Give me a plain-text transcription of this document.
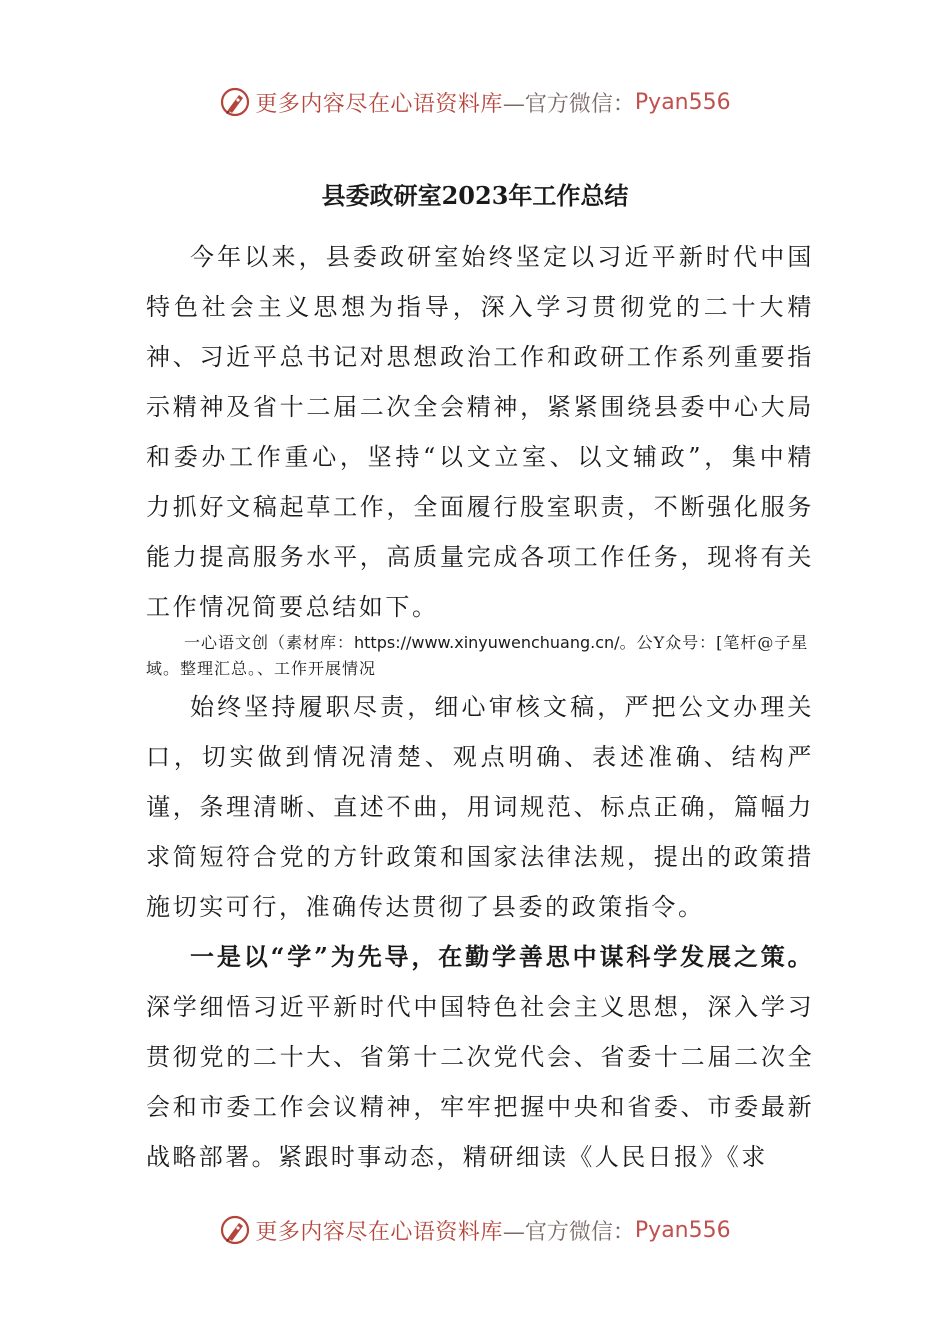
更多内容尽在心语资料库 —官方微信： Pyan556
县委政研室2023年工作总结

今年以来，县委政研室始终坚定以习近平新时代中国特色社会主义思想为指导，深入学习贯彻党的二十大精神、习近平总书记对思想政治工作和政研工作系列重要指示精神及省十二届二次全会精神，紧紧围绕县委中心大局和委办工作重心，坚持“以文立室、以文辅政”，集中精力抓好文稿起草工作，全面履行股室职责，不断强化服务能力提高服务水平，高质量完成各项工作任务，现将有关工作情况简要总结如下。

一心语文创（素材库：https://www.xinyuwenchuang.cn/。公Y众号：[笔杆@子星域。整理汇总。、工作开展情况

始终坚持履职尽责，细心审核文稿，严把公文办理关口，切实做到情况清楚、观点明确、表述准确、结构严谨，条理清晰、直述不曲，用词规范、标点正确，篇幅力求简短符合党的方针政策和国家法律法规，提出的政策措施切实可行，准确传达贯彻了县委的政策指令。

一是以“学”为先导，在勤学善思中谋科学发展之策。深学细悟习近平新时代中国特色社会主义思想，深入学习贯彻党的二十大、省第十二次党代会、省委十二届二次全会和市委工作会议精神，牢牢把握中央和省委、市委最新战略部署。紧跟时事动态，精研细读《人民日报》《求

更多内容尽在心语资料库 —官方微信： Pyan556
